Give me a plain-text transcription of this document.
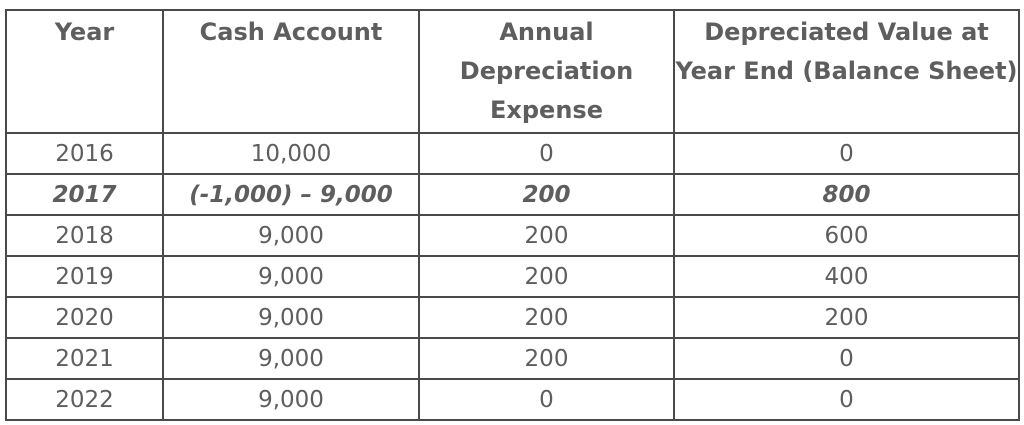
Year	Cash Account	Annual Depreciation Expense	Depreciated Value at Year End (Balance Sheet)
2016	10,000	0	0
2017	(-1,000) – 9,000	200	800
2018	9,000	200	600
2019	9,000	200	400
2020	9,000	200	200
2021	9,000	200	0
2022	9,000	0	0
